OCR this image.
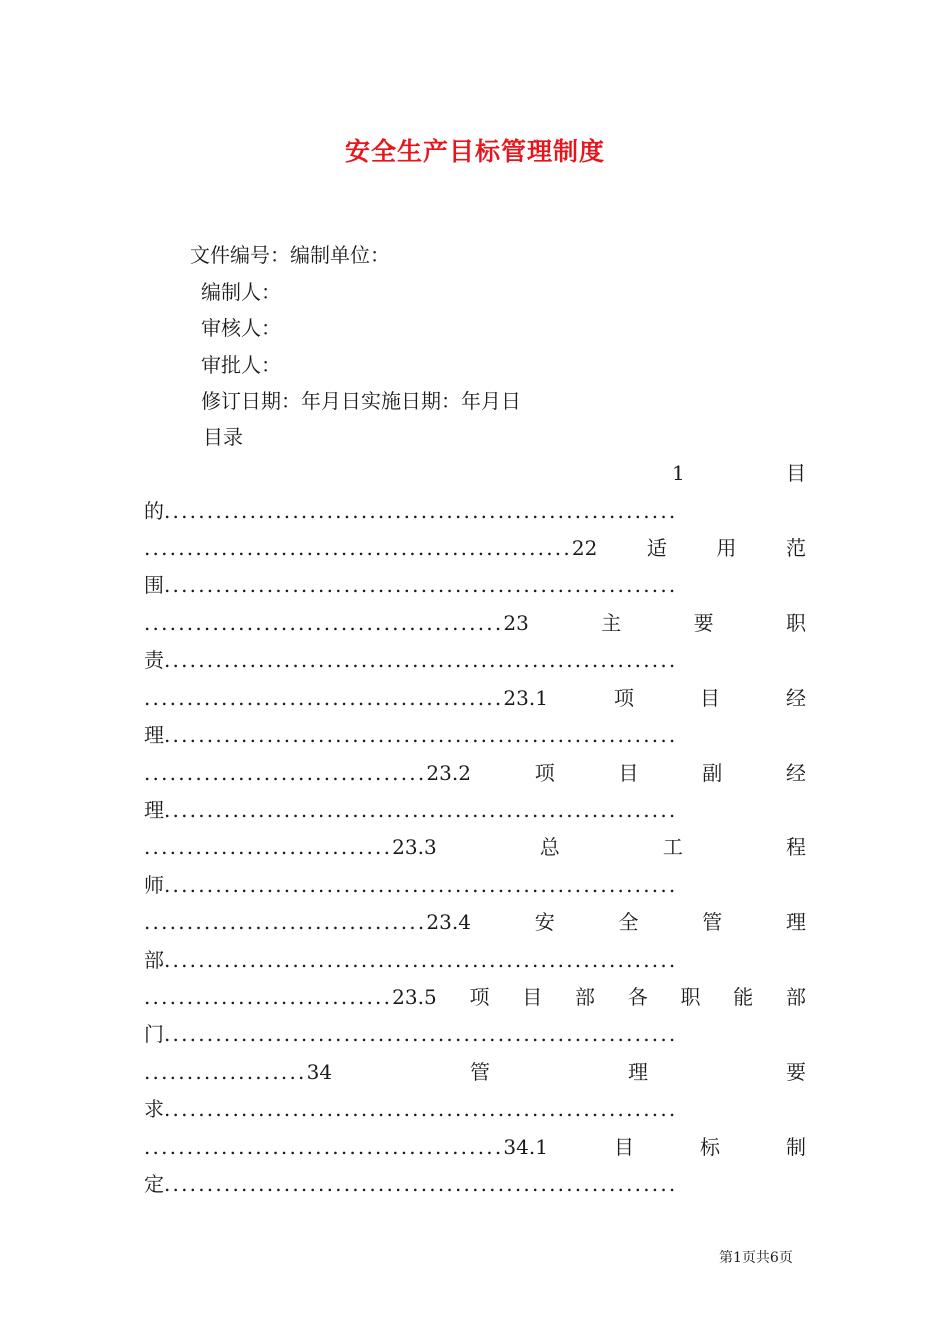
安全生产目标管理制度
文件编号：编制单位：
编制人：
审核人：
审批人：
修订日期：年月日实施日期：年月日
目录
1	目
的............................................................
..................................................22 适 用 范
围............................................................
..........................................23	主	要	职
责............................................................
..........................................23.1	项	目	经
理............................................................
.................................23.2	项	目	副	经
理............................................................
.............................23.3	总	工	程
师............................................................
.................................23.4	安	全	管	理
部............................................................
.............................23.5 项 目 部 各 职 能 部
门............................................................
...................34	管	理	要
求............................................................
..........................................34.1	目	标	制
定............................................................
第1页共6页
